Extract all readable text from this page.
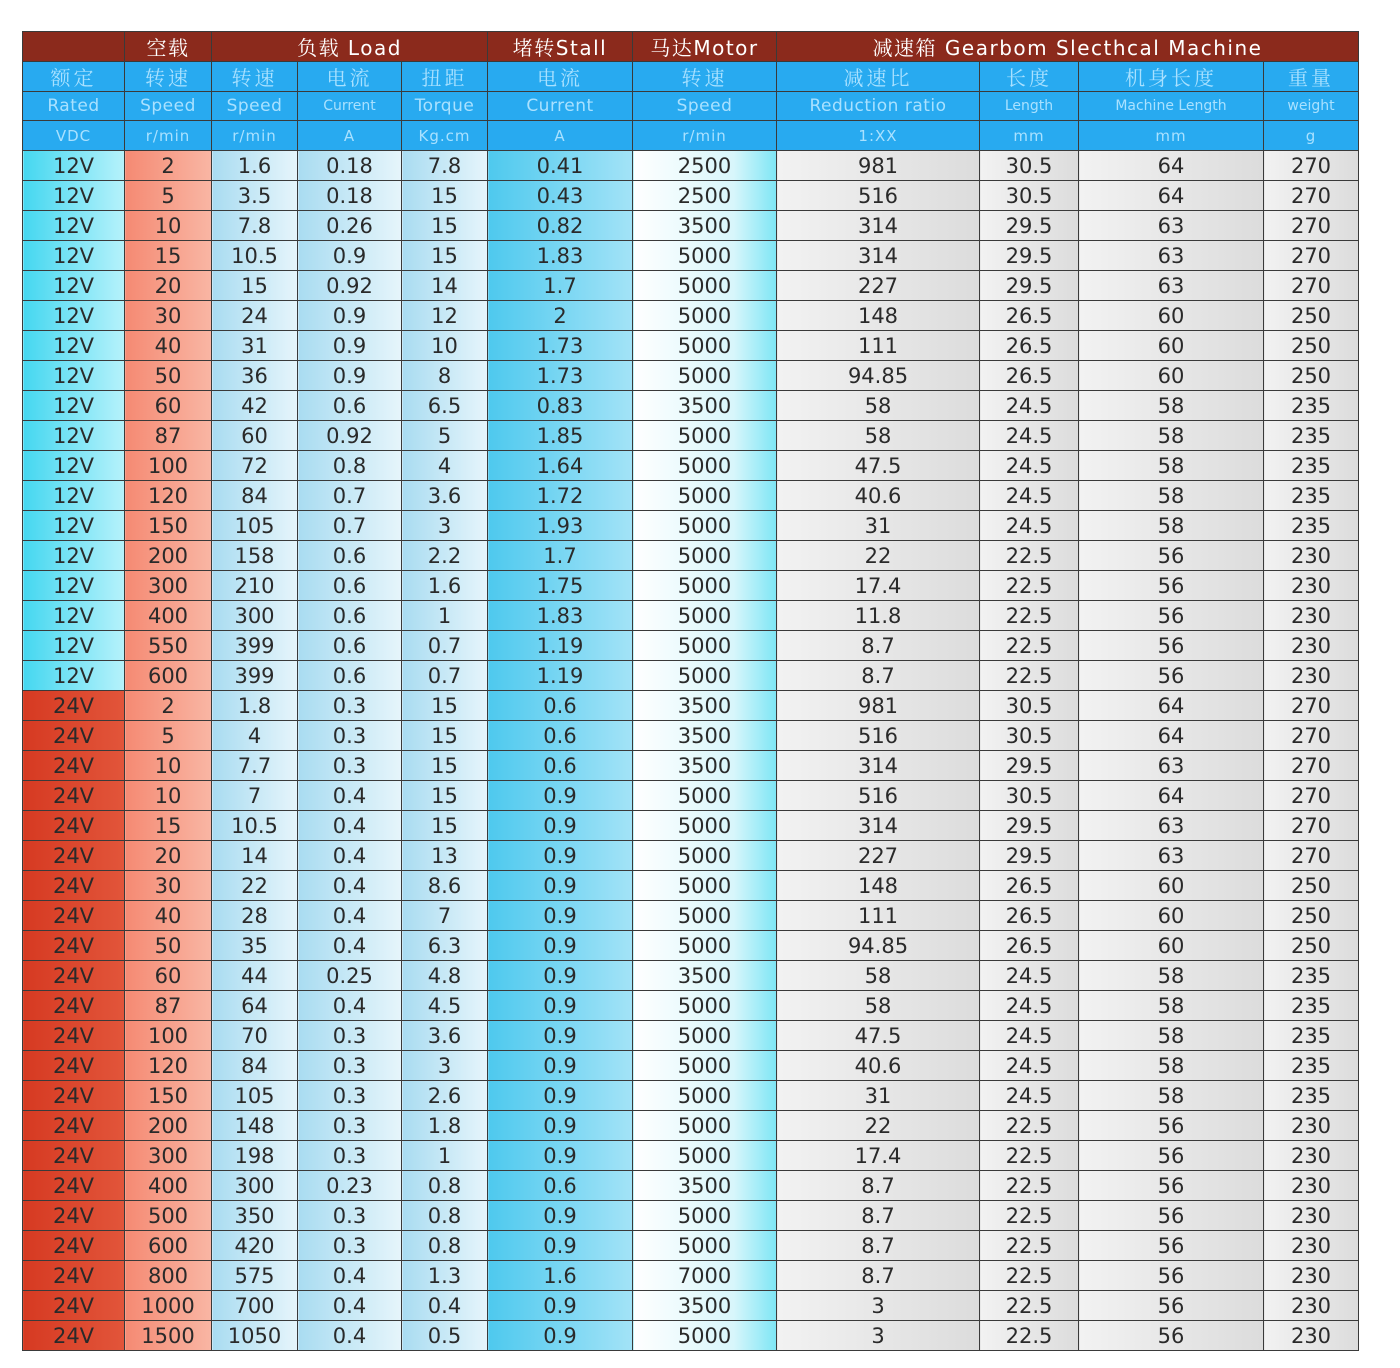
	空载	负载 Load			堵转Stall	马达Motor	减速箱 Gearbom Slecthcal Machine			
额定	转速	转速	电流	扭距	电流	转速	减速比	长度	机身长度	重量
Rated	Speed	Speed	Current	Torque	Current	Speed	Reduction ratio	Length	Machine Length	weight
VDC	r/min	r/min	A	Kg.cm	A	r/min	1:XX	mm	mm	g
12V	2	1.6	0.18	7.8	0.41	2500	981	30.5	64	270
12V	5	3.5	0.18	15	0.43	2500	516	30.5	64	270
12V	10	7.8	0.26	15	0.82	3500	314	29.5	63	270
12V	15	10.5	0.9	15	1.83	5000	314	29.5	63	270
12V	20	15	0.92	14	1.7	5000	227	29.5	63	270
12V	30	24	0.9	12	2	5000	148	26.5	60	250
12V	40	31	0.9	10	1.73	5000	111	26.5	60	250
12V	50	36	0.9	8	1.73	5000	94.85	26.5	60	250
12V	60	42	0.6	6.5	0.83	3500	58	24.5	58	235
12V	87	60	0.92	5	1.85	5000	58	24.5	58	235
12V	100	72	0.8	4	1.64	5000	47.5	24.5	58	235
12V	120	84	0.7	3.6	1.72	5000	40.6	24.5	58	235
12V	150	105	0.7	3	1.93	5000	31	24.5	58	235
12V	200	158	0.6	2.2	1.7	5000	22	22.5	56	230
12V	300	210	0.6	1.6	1.75	5000	17.4	22.5	56	230
12V	400	300	0.6	1	1.83	5000	11.8	22.5	56	230
12V	550	399	0.6	0.7	1.19	5000	8.7	22.5	56	230
12V	600	399	0.6	0.7	1.19	5000	8.7	22.5	56	230
24V	2	1.8	0.3	15	0.6	3500	981	30.5	64	270
24V	5	4	0.3	15	0.6	3500	516	30.5	64	270
24V	10	7.7	0.3	15	0.6	3500	314	29.5	63	270
24V	10	7	0.4	15	0.9	5000	516	30.5	64	270
24V	15	10.5	0.4	15	0.9	5000	314	29.5	63	270
24V	20	14	0.4	13	0.9	5000	227	29.5	63	270
24V	30	22	0.4	8.6	0.9	5000	148	26.5	60	250
24V	40	28	0.4	7	0.9	5000	111	26.5	60	250
24V	50	35	0.4	6.3	0.9	5000	94.85	26.5	60	250
24V	60	44	0.25	4.8	0.9	3500	58	24.5	58	235
24V	87	64	0.4	4.5	0.9	5000	58	24.5	58	235
24V	100	70	0.3	3.6	0.9	5000	47.5	24.5	58	235
24V	120	84	0.3	3	0.9	5000	40.6	24.5	58	235
24V	150	105	0.3	2.6	0.9	5000	31	24.5	58	235
24V	200	148	0.3	1.8	0.9	5000	22	22.5	56	230
24V	300	198	0.3	1	0.9	5000	17.4	22.5	56	230
24V	400	300	0.23	0.8	0.6	3500	8.7	22.5	56	230
24V	500	350	0.3	0.8	0.9	5000	8.7	22.5	56	230
24V	600	420	0.3	0.8	0.9	5000	8.7	22.5	56	230
24V	800	575	0.4	1.3	1.6	7000	8.7	22.5	56	230
24V	1000	700	0.4	0.4	0.9	3500	3	22.5	56	230
24V	1500	1050	0.4	0.5	0.9	5000	3	22.5	56	230
